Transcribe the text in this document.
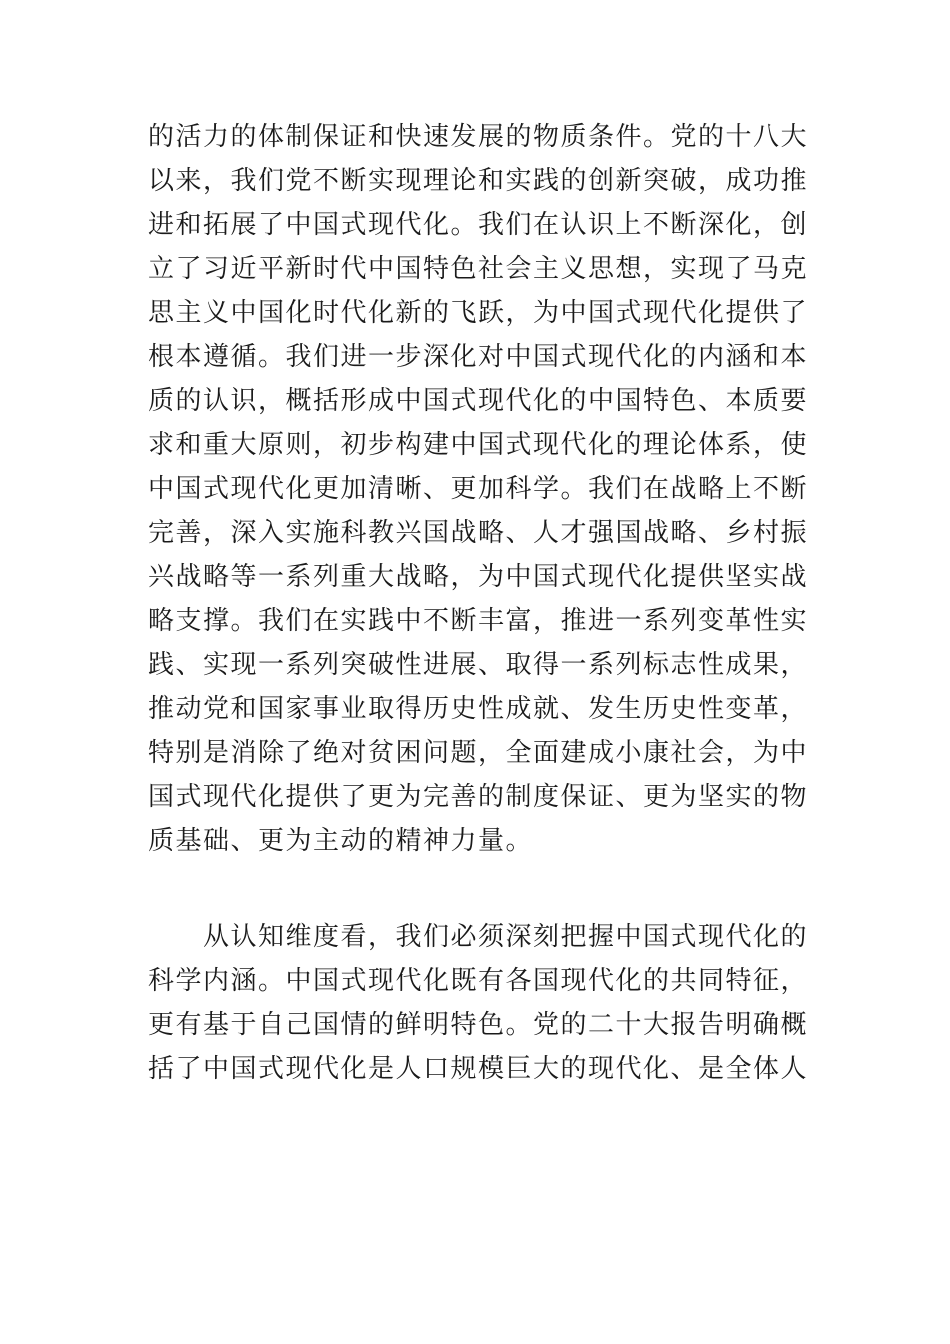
的活力的体制保证和快速发展的物质条件。党的十八大
以来，我们党不断实现理论和实践的创新突破，成功推
进和拓展了中国式现代化。我们在认识上不断深化，创
立了习近平新时代中国特色社会主义思想，实现了马克
思主义中国化时代化新的飞跃，为中国式现代化提供了
根本遵循。我们进一步深化对中国式现代化的内涵和本
质的认识，概括形成中国式现代化的中国特色、本质要
求和重大原则，初步构建中国式现代化的理论体系，使
中国式现代化更加清晰、更加科学。我们在战略上不断
完善，深入实施科教兴国战略、人才强国战略、乡村振
兴战略等一系列重大战略，为中国式现代化提供坚实战
略支撑。我们在实践中不断丰富，推进一系列变革性实
践、实现一系列突破性进展、取得一系列标志性成果，
推动党和国家事业取得历史性成就、发生历史性变革，
特别是消除了绝对贫困问题，全面建成小康社会，为中
国式现代化提供了更为完善的制度保证、更为坚实的物
质基础、更为主动的精神力量。
从认知维度看，我们必须深刻把握中国式现代化的
科学内涵。中国式现代化既有各国现代化的共同特征，
更有基于自己国情的鲜明特色。党的二十大报告明确概
括了中国式现代化是人口规模巨大的现代化、是全体人
